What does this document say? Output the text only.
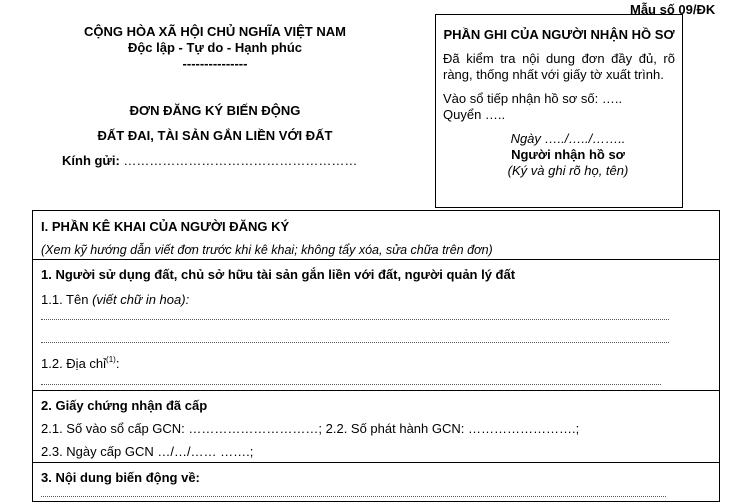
Mẫu số 09/ĐK
CỘNG HÒA XÃ HỘI CHỦ NGHĨA VIỆT NAM
Độc lập - Tự do - Hạnh phúc
---------------
ĐƠN ĐĂNG KÝ BIẾN ĐỘNG
ĐẤT ĐAI, TÀI SẢN GẮN LIỀN VỚI ĐẤT
Kính gửi: ………………………………………………
PHẦN GHI CỦA NGƯỜI NHẬN HỒ SƠ
Đã kiểm tra nội dung đơn đầy đủ, rõ ràng, thống nhất với giấy tờ xuất trình.
Vào sổ tiếp nhận hồ sơ số: …..
Quyển …..
Ngày …../…../……..
Người nhận hồ sơ
(Ký và ghi rõ họ, tên)
I. PHẦN KÊ KHAI CỦA NGƯỜI ĐĂNG KÝ
(Xem kỹ hướng dẫn viết đơn trước khi kê khai; không tẩy xóa, sửa chữa trên đơn)
1. Người sử dụng đất, chủ sở hữu tài sản gắn liền với đất, người quản lý đất
1.1. Tên (viết chữ in hoa):
1.2. Địa chỉ$^{(1)}$:
2. Giấy chứng nhận đã cấp
2.1. Số vào sổ cấp GCN: …………………………; 2.2. Số phát hành GCN: …………………….;
2.3. Ngày cấp GCN …/…/…… …….;
3. Nội dung biến động về:
